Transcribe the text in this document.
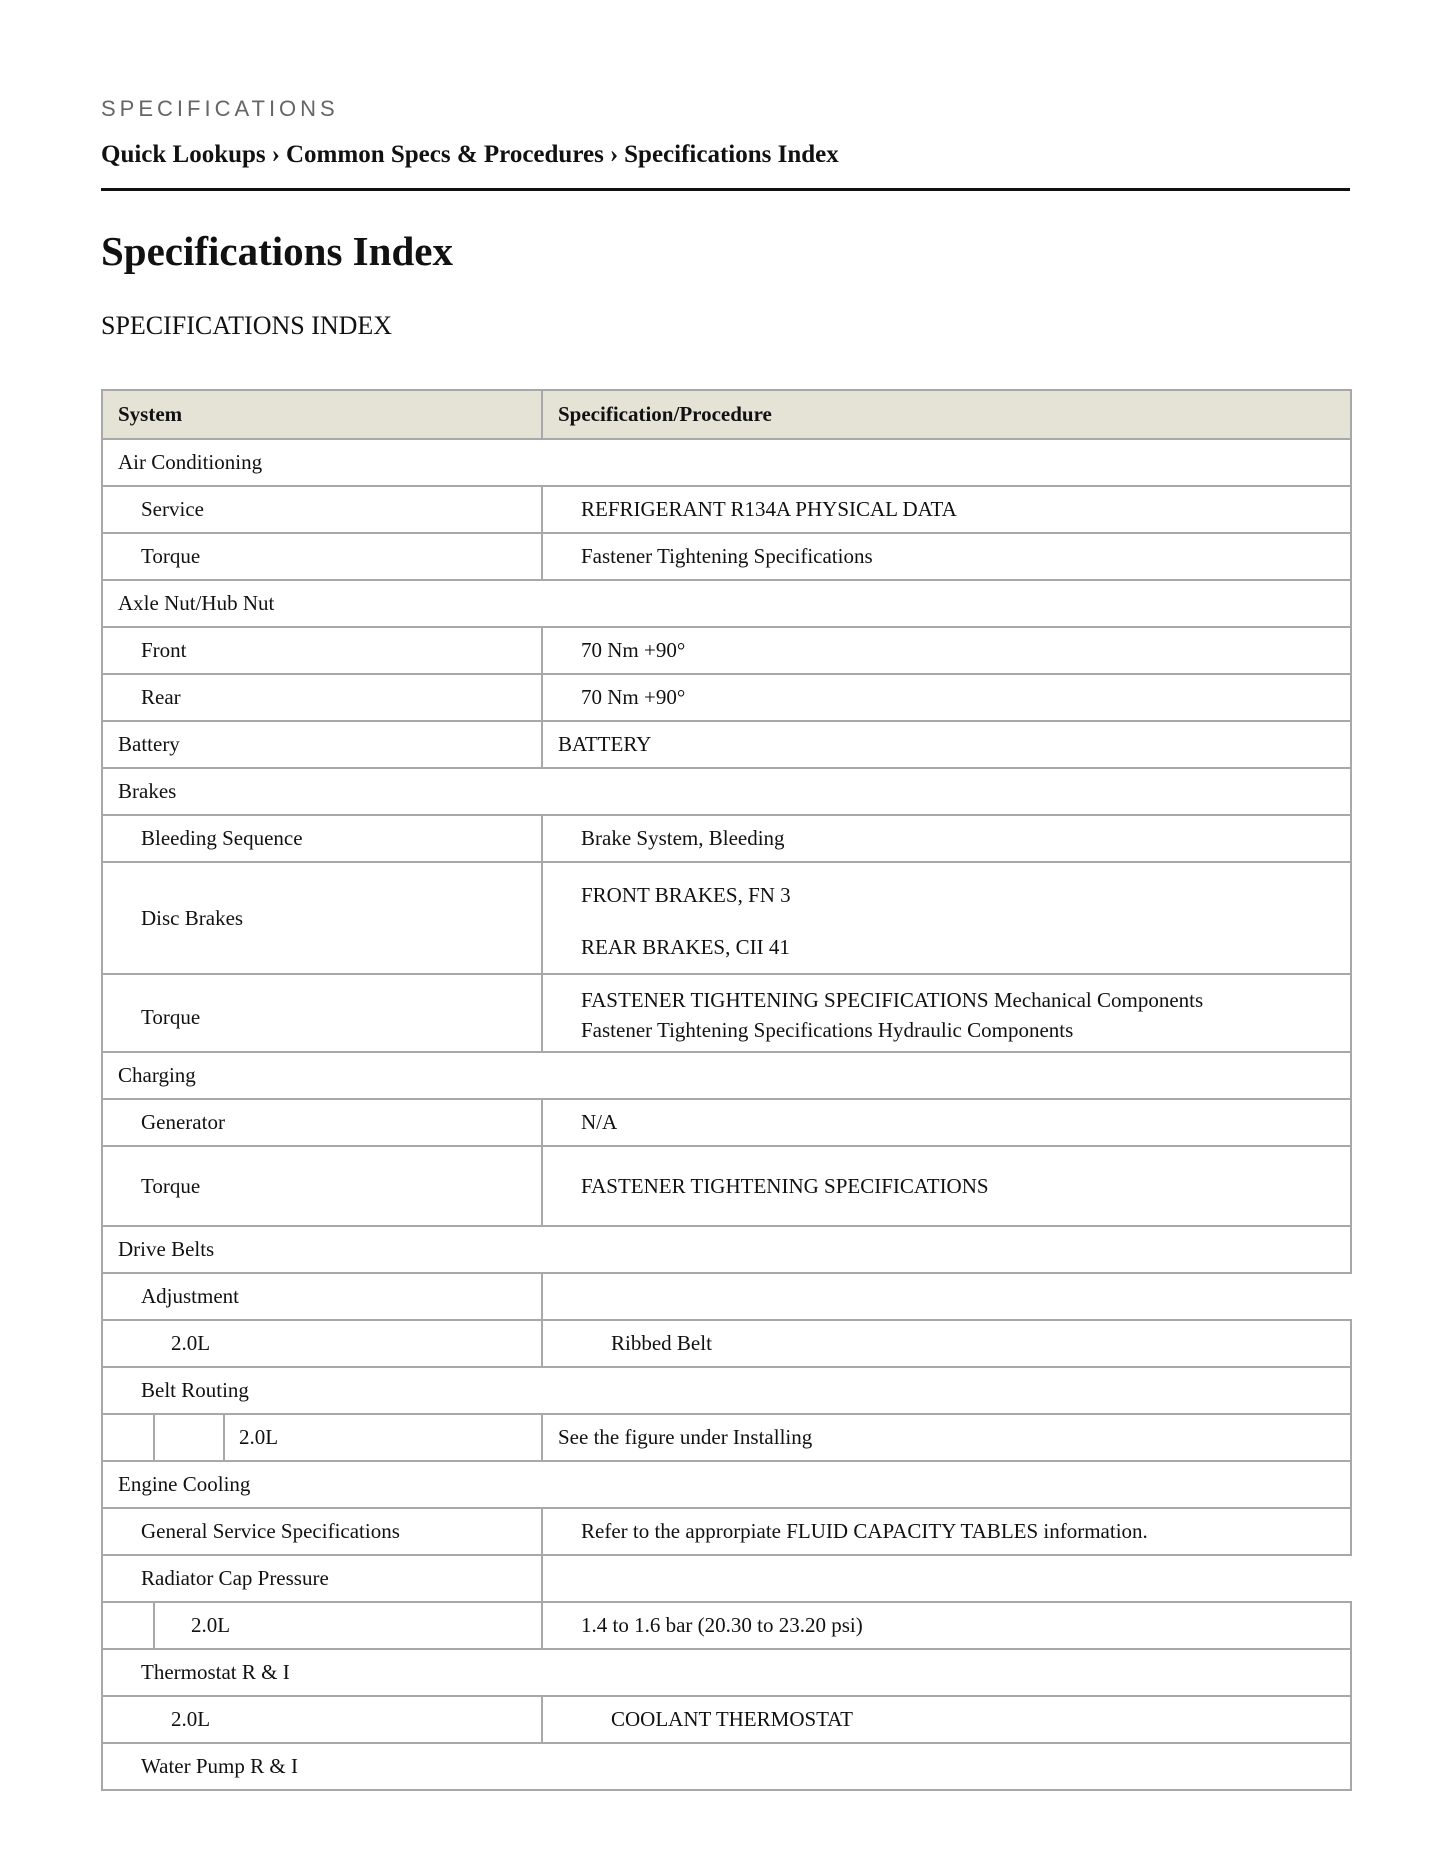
SPECIFICATIONS

Quick Lookups › Common Specs & Procedures › Specifications Index
Specifications Index
SPECIFICATIONS INDEX
System	Specification/Procedure
Air Conditioning	
Service	REFRIGERANT R134A PHYSICAL DATA
Torque	Fastener Tightening Specifications
Axle Nut/Hub Nut	
Front	70 Nm +90°
Rear	70 Nm +90°
Battery	BATTERY
Brakes	
Bleeding Sequence	Brake System, Bleeding
Disc Brakes	FRONT BRAKES, FN 3
REAR BRAKES, CII 41

Torque	FASTENER TIGHTENING SPECIFICATIONS Mechanical Components
Fastener Tightening Specifications Hydraulic Components

Charging	
Generator	N/A
Torque	FASTENER TIGHTENING SPECIFICATIONS
Drive Belts	
Adjustment	
2.0L	Ribbed Belt
Belt Routing	

2.0L	See the figure under Installing
Engine Cooling	
General Service Specifications	Refer to the approrpiate FLUID CAPACITY TABLES information.
Radiator Cap Pressure	

2.0L	1.4 to 1.6 bar (20.30 to 23.20 psi)
Thermostat R & I	
2.0L	COOLANT THERMOSTAT
Water Pump R & I	
